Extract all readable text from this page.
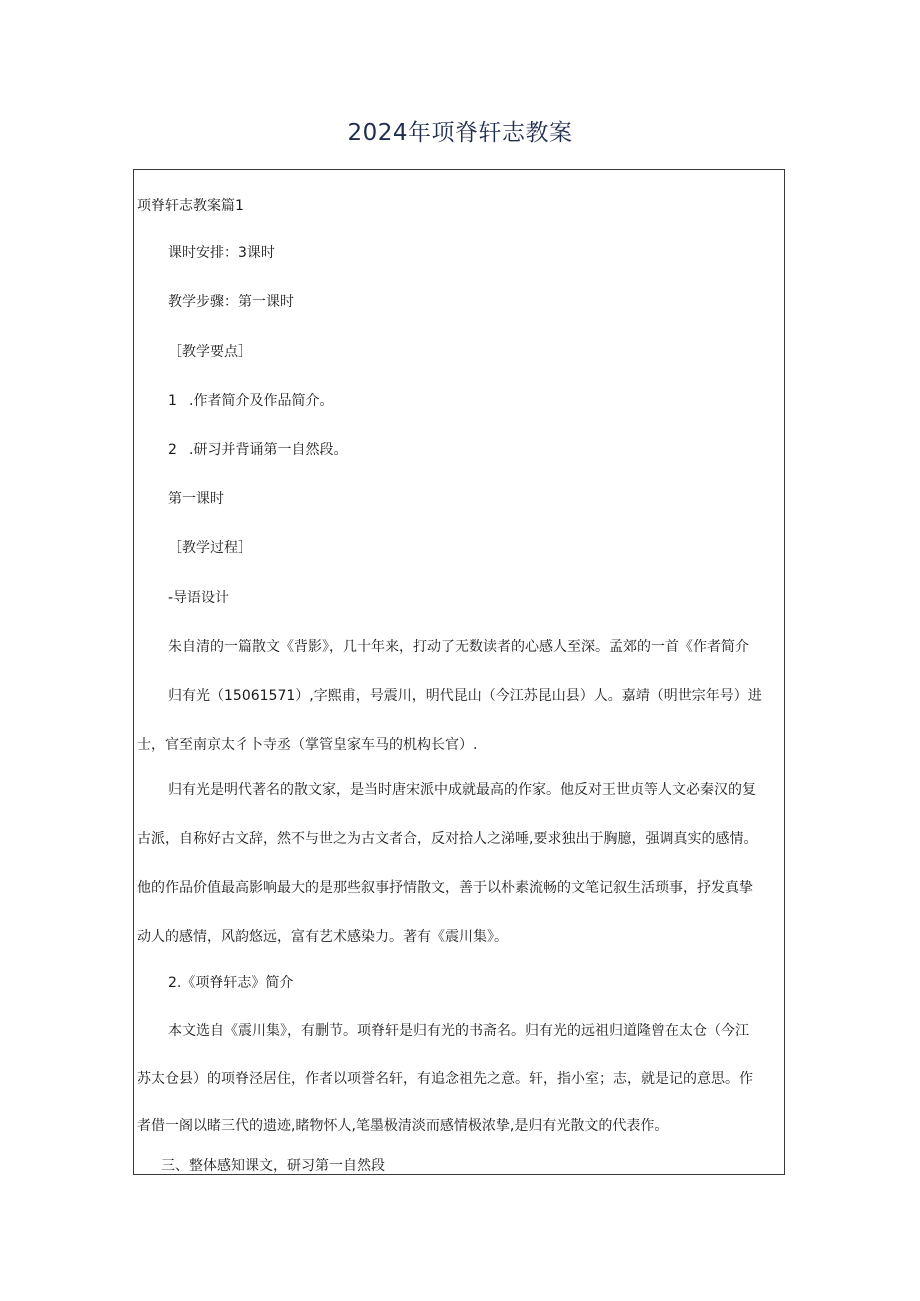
2024年项脊轩志教案
项脊轩志教案篇1
课时安排：3课时
教学步骤：第一课时
［教学要点］
1 .作者简介及作品简介。
2 .研习并背诵第一自然段。
第一课时
［教学过程］
-导语设计
朱自清的一篇散文《背影》，几十年来，打动了无数读者的心感人至深。孟郊的一首《作者简介
归有光（15061571）,字熙甫，号震川，明代昆山（今江苏昆山县）人。嘉靖（明世宗年号）进
士，官至南京太彳卜寺丞（掌管皇家车马的机构长官）.
归有光是明代著名的散文家，是当时唐宋派中成就最高的作家。他反对王世贞等人文必秦汉的复
古派，自称好古文辞，然不与世之为古文者合，反对拾人之涕唾,要求独出于胸臆，强调真实的感情。
他的作品价值最高影响最大的是那些叙事抒情散文，善于以朴素流畅的文笔记叙生活琐事，抒发真挚
动人的感情，风韵悠远，富有艺术感染力。著有《震川集》。
2.《项脊轩志》简介
本文选自《震川集》，有删节。项脊轩是归有光的书斋名。归有光的远祖归道隆曾在太仓（今江
苏太仓县）的项脊泾居住，作者以项誉名轩，有追念祖先之意。轩，指小室；志，就是记的意思。作
者借一阁以睹三代的遗迹,睹物怀人,笔墨极清淡而感情极浓挚,是归有光散文的代表作。
三、整体感知课文，研习第一自然段
